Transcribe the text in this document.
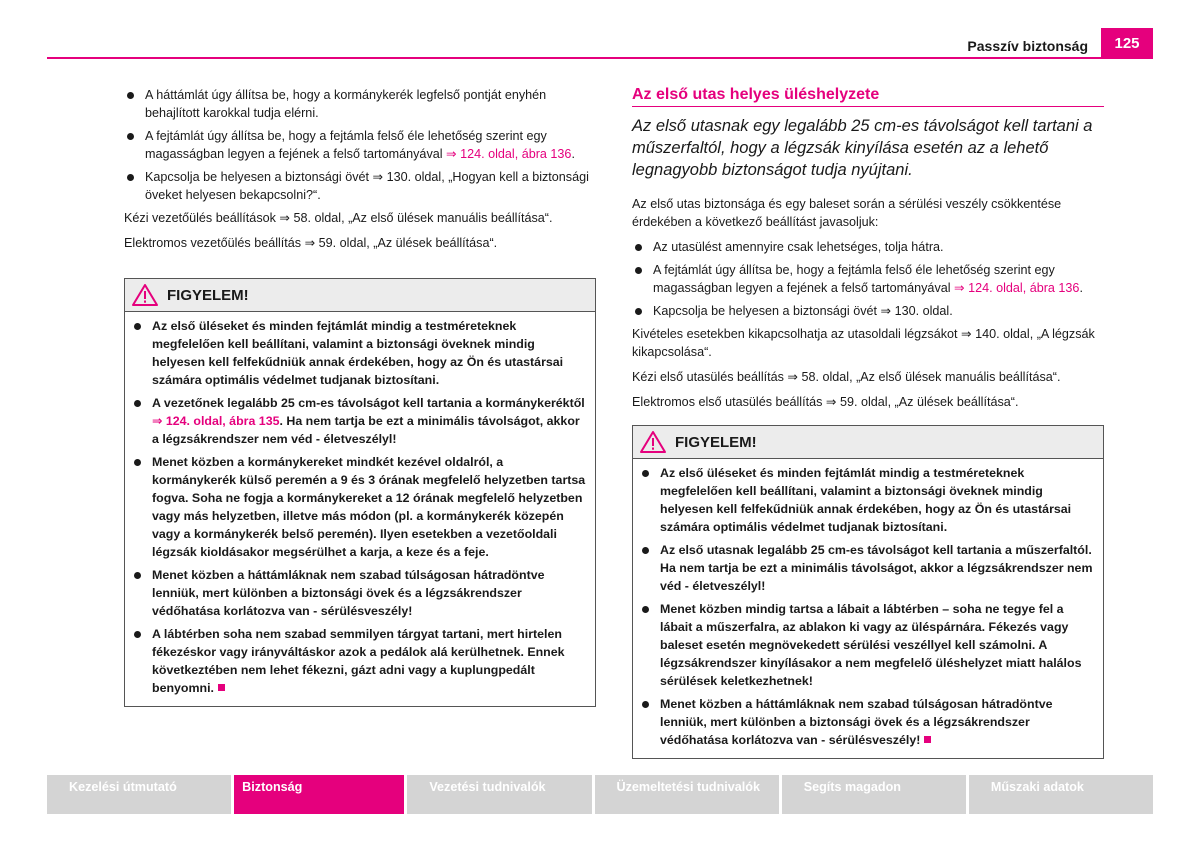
Passzív biztonság	125
A háttámlát úgy állítsa be, hogy a kormánykerék legfelső pontját enyhén behajlított karokkal tudja elérni.
A fejtámlát úgy állítsa be, hogy a fejtámla felső éle lehetőség szerint egy magasságban legyen a fejének a felső tartományával ⇒ 124. oldal, ábra 136.
Kapcsolja be helyesen a biztonsági övét ⇒ 130. oldal, „Hogyan kell a biztonsági öveket helyesen bekapcsolni?“.
Kézi vezetőülés beállítások ⇒ 58. oldal, „Az első ülések manuális beállítása“.
Elektromos vezetőülés beállítás ⇒ 59. oldal, „Az ülések beállítása“.
FIGYELEM!
Az első üléseket és minden fejtámlát mindig a testméreteknek megfelelően kell beállítani, valamint a biztonsági öveknek mindig helyesen kell felfekűdniük annak érdekében, hogy az Ön és utastársai számára optimális védelmet tudjanak biztosítani.
A vezetőnek legalább 25 cm-es távolságot kell tartania a kormánykeréktől ⇒ 124. oldal, ábra 135. Ha nem tartja be ezt a minimális távolságot, akkor a légzsákrendszer nem véd - életveszélyl!
Menet közben a kormánykereket mindkét kezével oldalról, a kormánykerék külső peremén a 9 és 3 órának megfelelő helyzetben tartsa fogva. Soha ne fogja a kormánykereket a 12 órának megfelelő helyzetben vagy más helyzetben, illetve más módon (pl. a kormánykerék közepén vagy a kormánykerék belső peremén). Ilyen esetekben a vezetőoldali légzsák kioldásakor megsérülhet a karja, a keze és a feje.
Menet közben a háttámláknak nem szabad túlságosan hátradöntve lenniük, mert különben a biztonsági övek és a légzsákrendszer védőhatása korlátozva van - sérülésveszély!
A lábtérben soha nem szabad semmilyen tárgyat tartani, mert hirtelen fékezéskor vagy irányváltáskor azok a pedálok alá kerülhetnek. Ennek következtében nem lehet fékezni, gázt adni vagy a kuplungpedált benyomni.
Az első utas helyes üléshelyzete
Az első utasnak egy legalább 25 cm-es távolságot kell tartani a műszerfaltól, hogy a légzsák kinyílása esetén az a lehető legnagyobb biztonságot tudja nyújtani.
Az első utas biztonsága és egy baleset során a sérülési veszély csökkentése érdekében a következő beállítást javasoljuk:
Az utasülést amennyire csak lehetséges, tolja hátra.
A fejtámlát úgy állítsa be, hogy a fejtámla felső éle lehetőség szerint egy magasságban legyen a fejének a felső tartományával ⇒ 124. oldal, ábra 136.
Kapcsolja be helyesen a biztonsági övét ⇒ 130. oldal.
Kivételes esetekben kikapcsolhatja az utasoldali légzsákot ⇒ 140. oldal, „A légzsák kikapcsolása“.
Kézi első utasülés beállítás ⇒ 58. oldal, „Az első ülések manuális beállítása“.
Elektromos első utasülés beállítás ⇒ 59. oldal, „Az ülések beállítása“.
FIGYELEM!
Az első üléseket és minden fejtámlát mindig a testméreteknek megfelelően kell beállítani, valamint a biztonsági öveknek mindig helyesen kell felfekűdniük annak érdekében, hogy az Ön és utastársai számára optimális védelmet tudjanak biztosítani.
Az első utasnak legalább 25 cm-es távolságot kell tartania a műszerfaltól. Ha nem tartja be ezt a minimális távolságot, akkor a légzsákrendszer nem véd - életveszélyl!
Menet közben mindig tartsa a lábait a lábtérben – soha ne tegye fel a lábait a műszerfalra, az ablakon ki vagy az üléspárnára. Fékezés vagy baleset esetén megnövekedett sérülési veszéllyel kell számolni. A légzsákrendszer kinyílásakor a nem megfelelő üléshelyzet miatt halálos sérülések keletkezhetnek!
Menet közben a háttámláknak nem szabad túlságosan hátradöntve lenniük, mert különben a biztonsági övek és a légzsákrendszer védőhatása korlátozva van - sérülésveszély!
Kezelési útmutató	Biztonság	Vezetési tudnivalók	Üzemeltetési tudnivalók	Segíts magadon	Műszaki adatok
